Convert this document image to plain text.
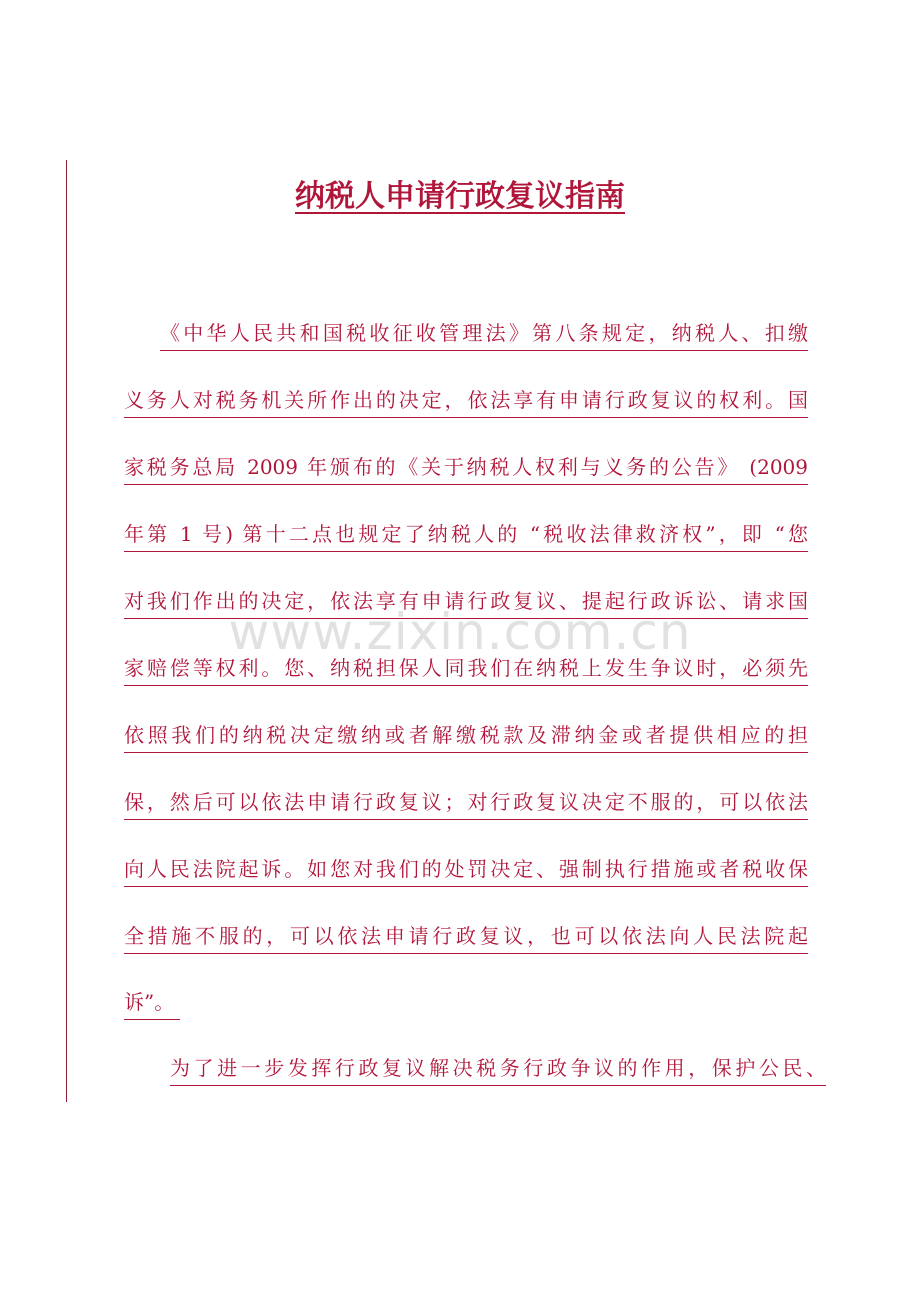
纳税人申请行政复议指南
《中华人民共和国税收征收管理法》第八条规定，纳税人、扣缴
义务人对税务机关所作出的决定，依法享有申请行政复议的权利。国
家税务总局 2009 年颁布的《关于纳税人权利与义务的公告》 (2009
年第 1 号) 第十二点也规定了纳税人的 “税收法律救济权”，即 “您
对我们作出的决定，依法享有申请行政复议、提起行政诉讼、请求国
家赔偿等权利。您、纳税担保人同我们在纳税上发生争议时，必须先
依照我们的纳税决定缴纳或者解缴税款及滞纳金或者提供相应的担
保，然后可以依法申请行政复议；对行政复议决定不服的，可以依法
向人民法院起诉。如您对我们的处罚决定、强制执行措施或者税收保
全措施不服的，可以依法申请行政复议，也可以依法向人民法院起
诉”。
为了进一步发挥行政复议解决税务行政争议的作用，保护公民、
www.zixin.com.cn
